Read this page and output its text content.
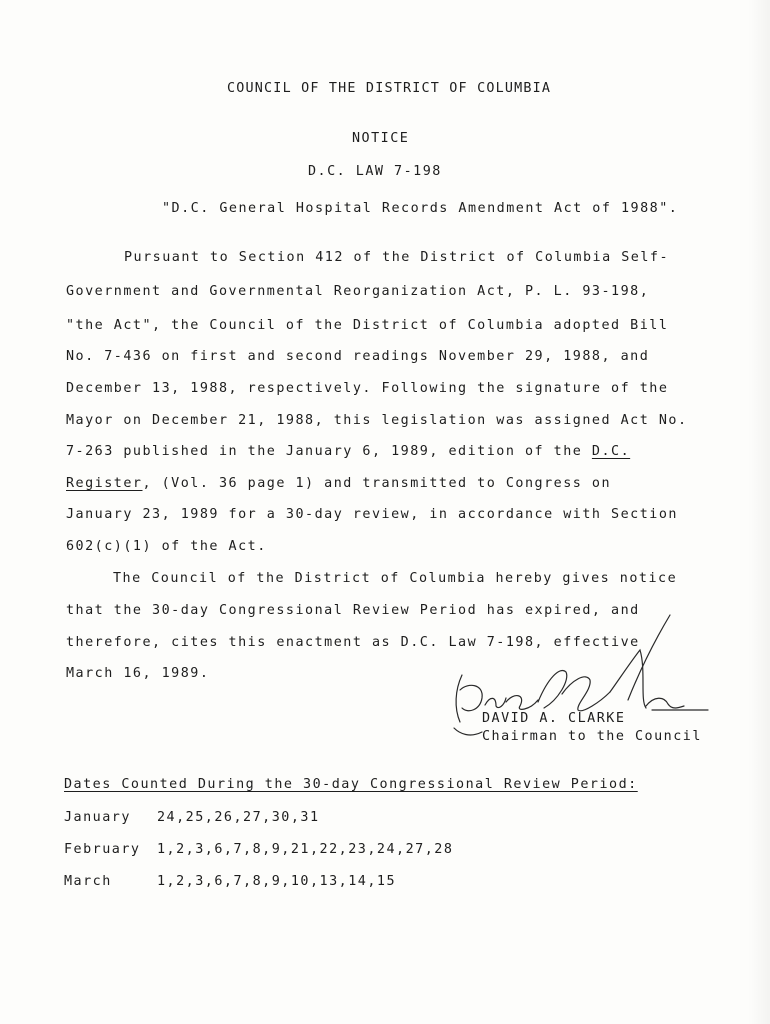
COUNCIL OF THE DISTRICT OF COLUMBIA
NOTICE
D.C. LAW 7-198
"D.C. General Hospital Records Amendment Act of 1988".
Pursuant to Section 412 of the District of Columbia Self-
Government and Governmental Reorganization Act, P. L. 93-198,
"the Act", the Council of the District of Columbia adopted Bill
No. 7-436 on first and second readings November 29, 1988, and
December 13, 1988, respectively. Following the signature of the
Mayor on December 21, 1988, this legislation was assigned Act No.
7-263 published in the January 6, 1989, edition of the D.C.
Register, (Vol. 36 page 1) and transmitted to Congress on
January 23, 1989 for a 30-day review, in accordance with Section
602(c)(1) of the Act.
The Council of the District of Columbia hereby gives notice
that the 30-day Congressional Review Period has expired, and
therefore, cites this enactment as D.C. Law 7-198, effective
March 16, 1989.
DAVID A. CLARKE
Chairman to the Council
Dates Counted During the 30-day Congressional Review Period:
January 24,25,26,27,30,31
February 1,2,3,6,7,8,9,21,22,23,24,27,28
March	1,2,3,6,7,8,9,10,13,14,15
